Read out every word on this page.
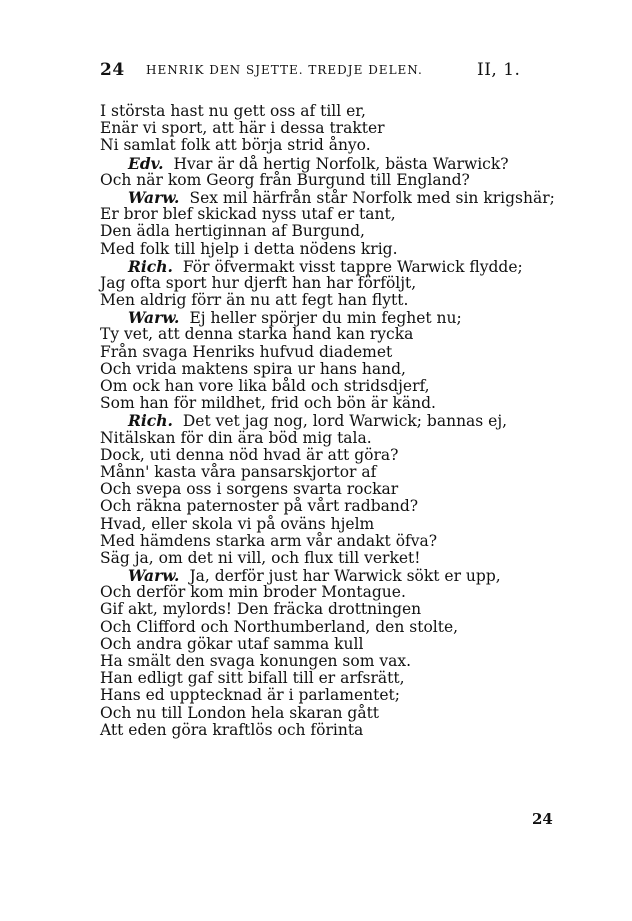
24 HENRIK DEN SJETTE. TREDJE DELEN.	II, 1.
I största hast nu gett oss af till er,
Enär vi sport, att här i dessa trakter
Ni samlat folk att börja strid ånyo.
Edv. Hvar är då hertig Norfolk, bästa Warwick?
Och när kom Georg från Burgund till England?
Warw. Sex mil härfrån står Norfolk med sin krigshär;
Er bror blef skickad nyss utaf er tant,
Den ädla hertiginnan af Burgund,
Med folk till hjelp i detta nödens krig.
Rich. För öfvermakt visst tappre Warwick flydde;
Jag ofta sport hur djerft han har förföljt,
Men aldrig förr än nu att fegt han flytt.
Warw. Ej heller spörjer du min feghet nu;
Ty vet, att denna starka hand kan rycka
Från svaga Henriks hufvud diademet
Och vrida maktens spira ur hans hand,
Om ock han vore lika båld och stridsdjerf,
Som han för mildhet, frid och bön är känd.
Rich. Det vet jag nog, lord Warwick; bannas ej,
Nitälskan för din ära böd mig tala.
Dock, uti denna nöd hvad är att göra?
Månn' kasta våra pansarskjortor af
Och svepa oss i sorgens svarta rockar
Och räkna paternoster på vårt radband?
Hvad, eller skola vi på oväns hjelm
Med hämdens starka arm vår andakt öfva?
Säg ja, om det ni vill, och flux till verket!
Warw. Ja, derför just har Warwick sökt er upp,
Och derför kom min broder Montague.
Gif akt, mylords! Den fräcka drottningen
Och Clifford och Northumberland, den stolte,
Och andra gökar utaf samma kull
Ha smält den svaga konungen som vax.
Han edligt gaf sitt bifall till er arfsrätt,
Hans ed upptecknad är i parlamentet;
Och nu till London hela skaran gått
Att eden göra kraftlös och förinta
24
